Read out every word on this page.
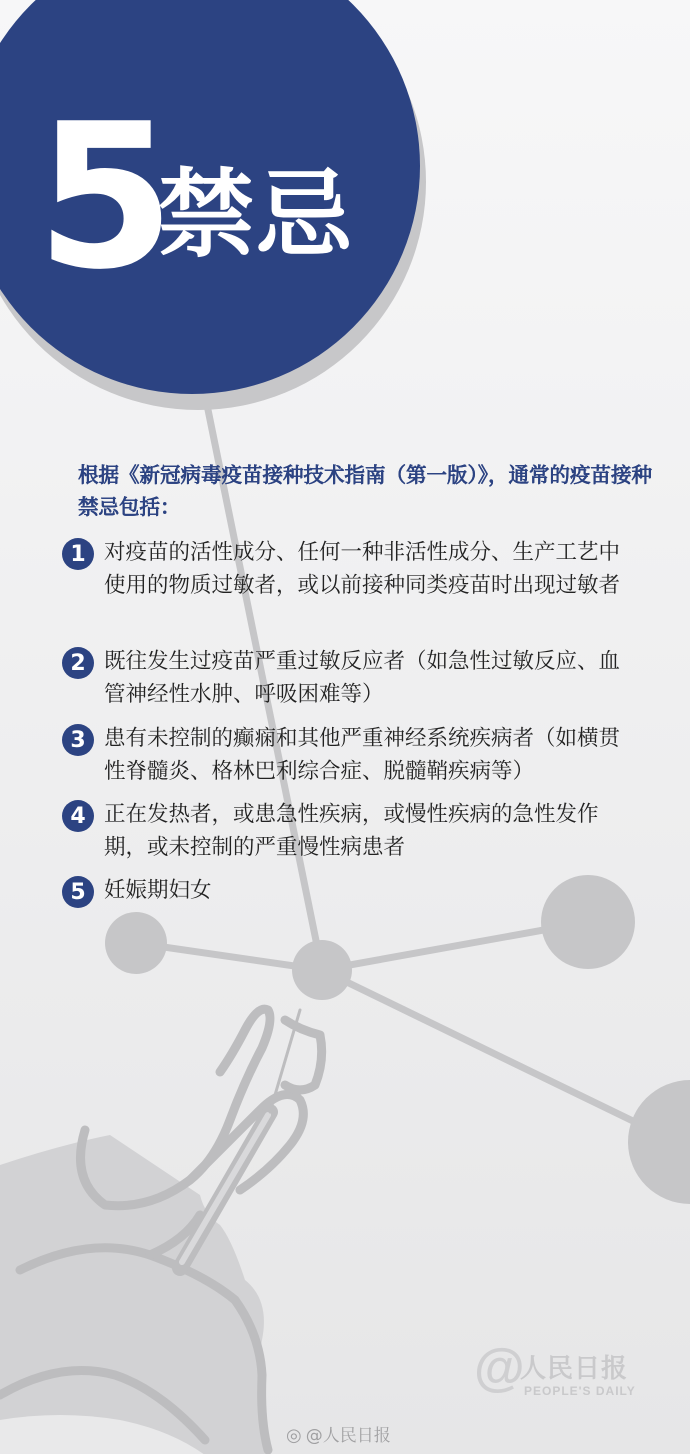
5
禁忌
根据《新冠病毒疫苗接种技术指南（第一版）》，通常的疫苗接种禁忌包括：
1 对疫苗的活性成分、任何一种非活性成分、生产工艺中使用的物质过敏者，或以前接种同类疫苗时出现过敏者
2 既往发生过疫苗严重过敏反应者（如急性过敏反应、血管神经性水肿、呼吸困难等）
3 患有未控制的癫痫和其他严重神经系统疾病者（如横贯性脊髓炎、格林巴利综合症、脱髓鞘疾病等）
4 正在发热者，或患急性疾病，或慢性疾病的急性发作期，或未控制的严重慢性病患者
5 妊娠期妇女
@
人民日报
PEOPLE'S DAILY
◎ @人民日报
